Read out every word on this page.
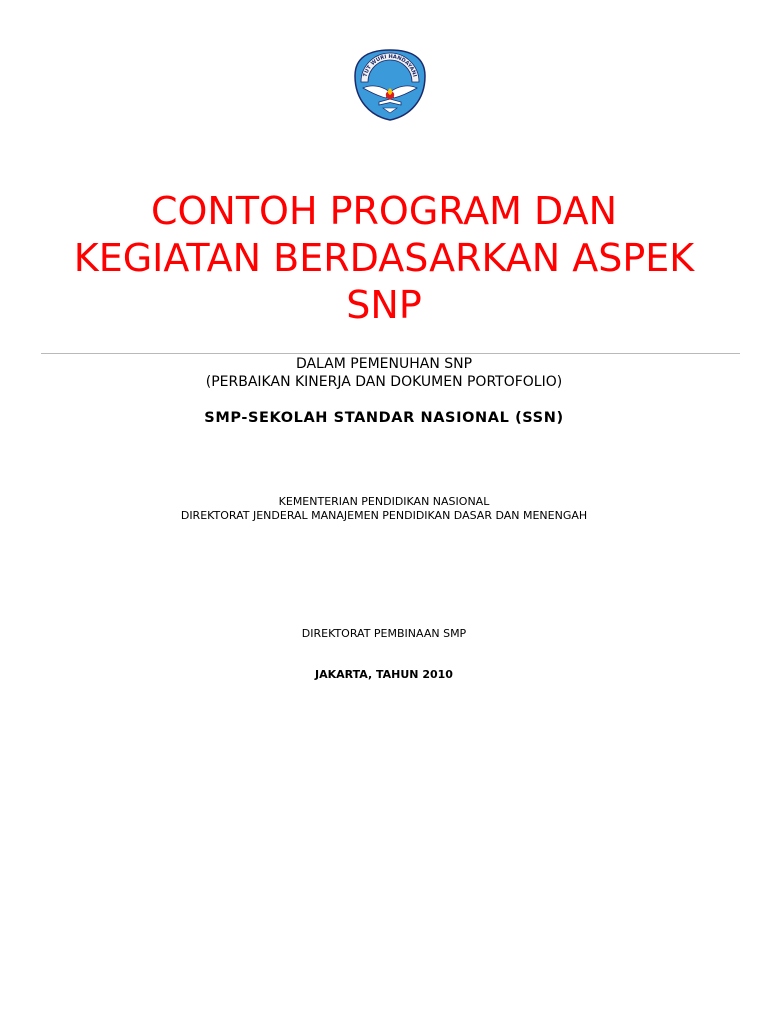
TUT WURI HANDAYANI
CONTOH PROGRAM DAN
KEGIATAN BERDASARKAN ASPEK
SNP
DALAM PEMENUHAN SNP
(PERBAIKAN KINERJA DAN DOKUMEN PORTOFOLIO)
SMP-SEKOLAH STANDAR NASIONAL (SSN)
KEMENTERIAN PENDIDIKAN NASIONAL
DIREKTORAT JENDERAL MANAJEMEN PENDIDIKAN DASAR DAN MENENGAH
DIREKTORAT PEMBINAAN SMP
JAKARTA, TAHUN 2010
